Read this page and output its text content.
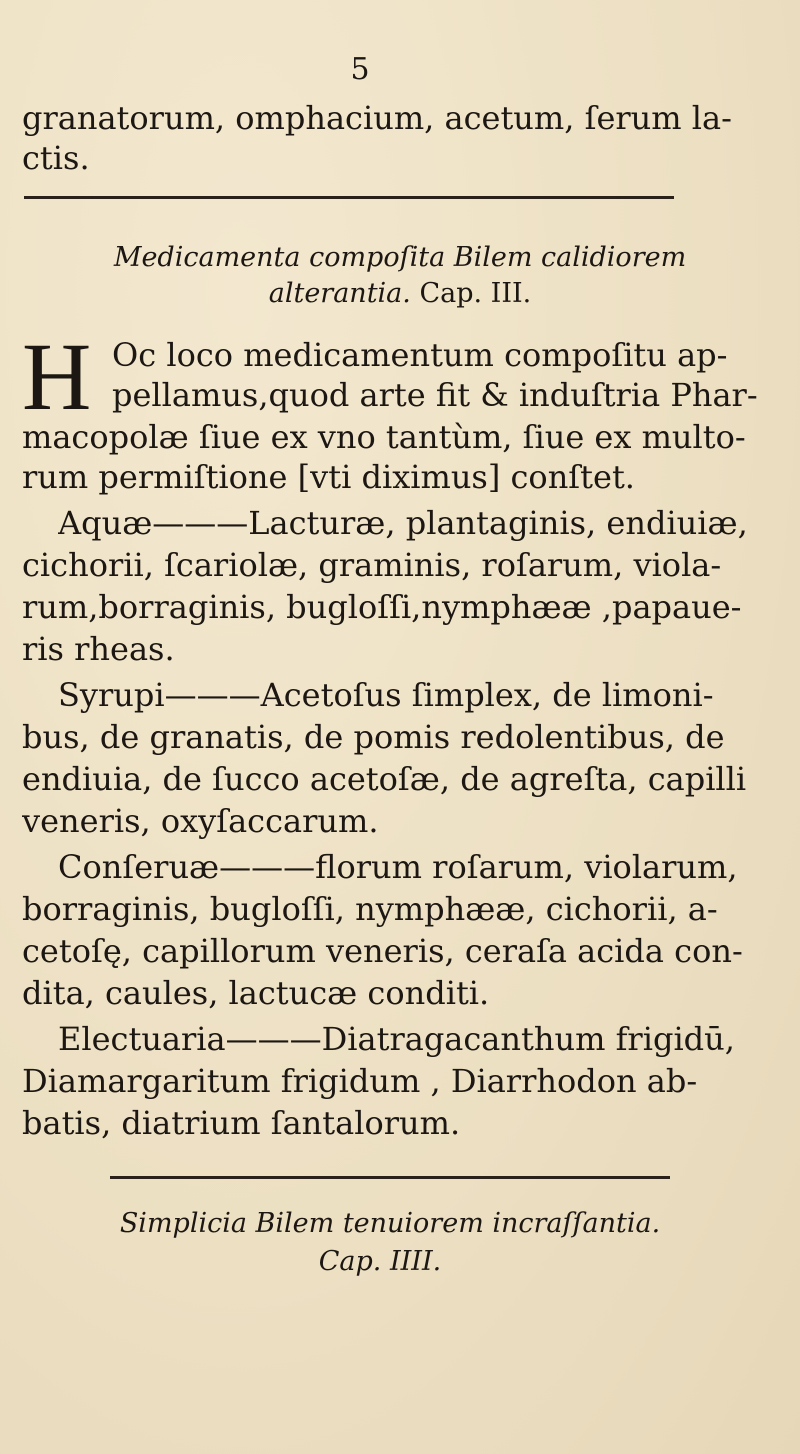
5
granatorum, omphacium, acetum, ſerum la-
ctis.
Medicamenta compoſita Bilem calidiorem
alterantia. Cap. III.
H Oc loco medicamentum compoſitu ap-
pellamus,quod arte fit & induſtria Phar-
macopolæ ſiue ex vno tantùm, ſiue ex multo-
rum permiſtione [vti diximus] conſtet.
Aquæ———Lacturæ, plantaginis, endiuiæ,
cichorii, ſcariolæ, graminis, roſarum, viola-
rum,borraginis, bugloſſi,nymphææ ,papaue-
ris rheas.
Syrupi———Acetoſus ſimplex, de limoni-
bus, de granatis, de pomis redolentibus, de
endiuia, de ſucco acetoſæ, de agreſta, capilli
veneris, oxyſaccarum.
Conſeruæ———florum roſarum, violarum,
borraginis, bugloſſi, nymphææ, cichorii, a-
cetoſę, capillorum veneris, ceraſa acida con-
dita, caules, lactucæ conditi.
Electuaria———Diatragacanthum frigidū,
Diamargaritum frigidum , Diarrhodon ab-
batis, diatrium ſantalorum.
Simplicia Bilem tenuiorem incraſſantia.
Cap. IIII.
